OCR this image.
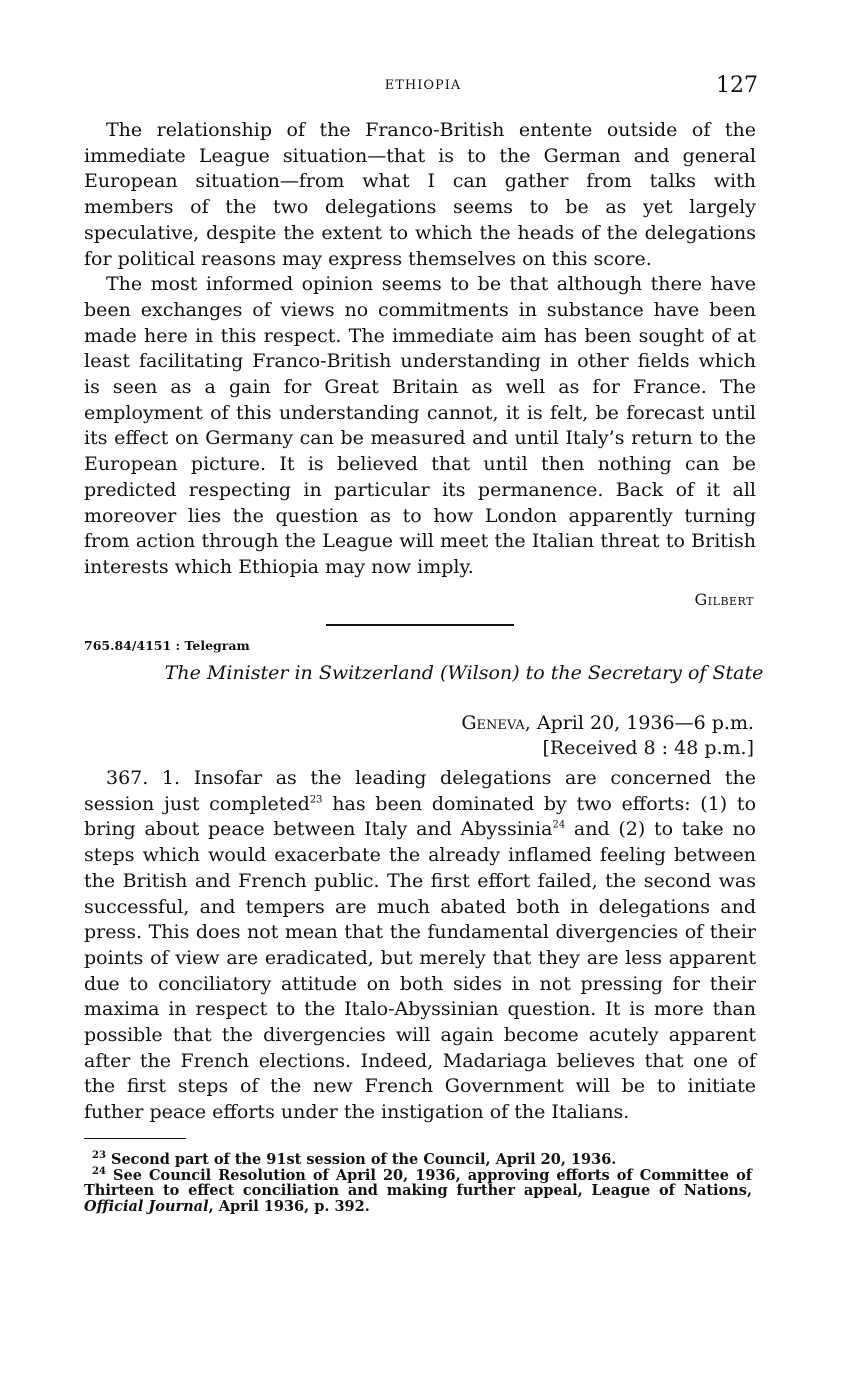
ETHIOPIA	127

The relationship of the Franco-British entente outside of the immediate League situation—that is to the German and general European situation—from what I can gather from talks with members of the two delegations seems to be as yet largely speculative, despite the extent to which the heads of the delegations for political reasons may express themselves on this score.

The most informed opinion seems to be that although there have been exchanges of views no commitments in substance have been made here in this respect. The immediate aim has been sought of at least facilitating Franco-British understanding in other fields which is seen as a gain for Great Britain as well as for France. The employment of this understanding cannot, it is felt, be forecast until its effect on Germany can be measured and until Italy’s return to the European picture. It is believed that until then nothing can be predicted respecting in particular its permanence. Back of it all moreover lies the question as to how London apparently turning from action through the League will meet the Italian threat to British interests which Ethiopia may now imply.

Gilbert
765.84/4151 : Telegram
The Minister in Switzerland (Wilson) to the Secretary of State
Geneva, April 20, 1936—6 p.m.
[Received 8 : 48 p.m.]

367. 1. Insofar as the leading delegations are concerned the session just completed$^{23}$ has been dominated by two efforts: (1) to bring about peace between Italy and Abyssinia$^{24}$ and (2) to take no steps which would exacerbate the already inflamed feeling between the British and French public. The first effort failed, the second was successful, and tempers are much abated both in delegations and press. This does not mean that the fundamental divergencies of their points of view are eradicated, but merely that they are less apparent due to conciliatory attitude on both sides in not pressing for their maxima in respect to the Italo-Abyssinian question. It is more than possible that the divergencies will again become acutely apparent after the French elections. Indeed, Madariaga believes that one of the first steps of the new French Government will be to initiate futher peace efforts under the instigation of the Italians.

$^{23}$ Second part of the 91st session of the Council, April 20, 1936.

$^{24}$ See Council Resolution of April 20, 1936, approving efforts of Committee of Thirteen to effect conciliation and making further appeal, League of Nations, Official Journal, April 1936, p. 392.
